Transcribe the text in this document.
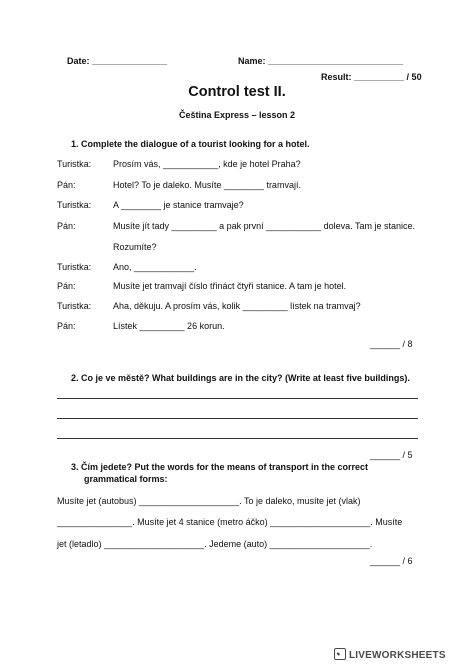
Date: _______________	Name: ___________________________
Result: __________ / 50
Control test II.
Čeština Express – lesson 2
1. Complete the dialogue of a tourist looking for a hotel.
Turistka: Prosím vás, ___________, kde je hotel Praha?
Pán:	Hotel? To je daleko. Musíte ________ tramvají.
Turistka: A ________ je stanice tramvaje?
Pán:	Musíte jít tady _________ a pak první ___________ doleva. Tam je stanice.
Rozumíte?
Turistka: Ano, ____________.
Pán:	Musíte jet tramvají číslo třináct čtyři stanice. A tam je hotel.
Turistka: Aha, děkuju. A prosím vás, kolik _________ lístek na tramvaj?
Pán:	Lístek _________ 26 korun.
______ / 8
2. Co je ve městě? What buildings are in the city? (Write at least five buildings).
______ / 5
3. Čím jedete? Put the words for the means of transport in the correct
grammatical forms:
Musíte jet (autobus) ____________________. To je daleko, musíte jet (vlak)
_______________. Musíte jet 4 stanice (metro áčko) ____________________. Musíte
jet (letadlo) ____________________. Jedeme (auto) ____________________.
______ / 6
LIVEWORKSHEETS
